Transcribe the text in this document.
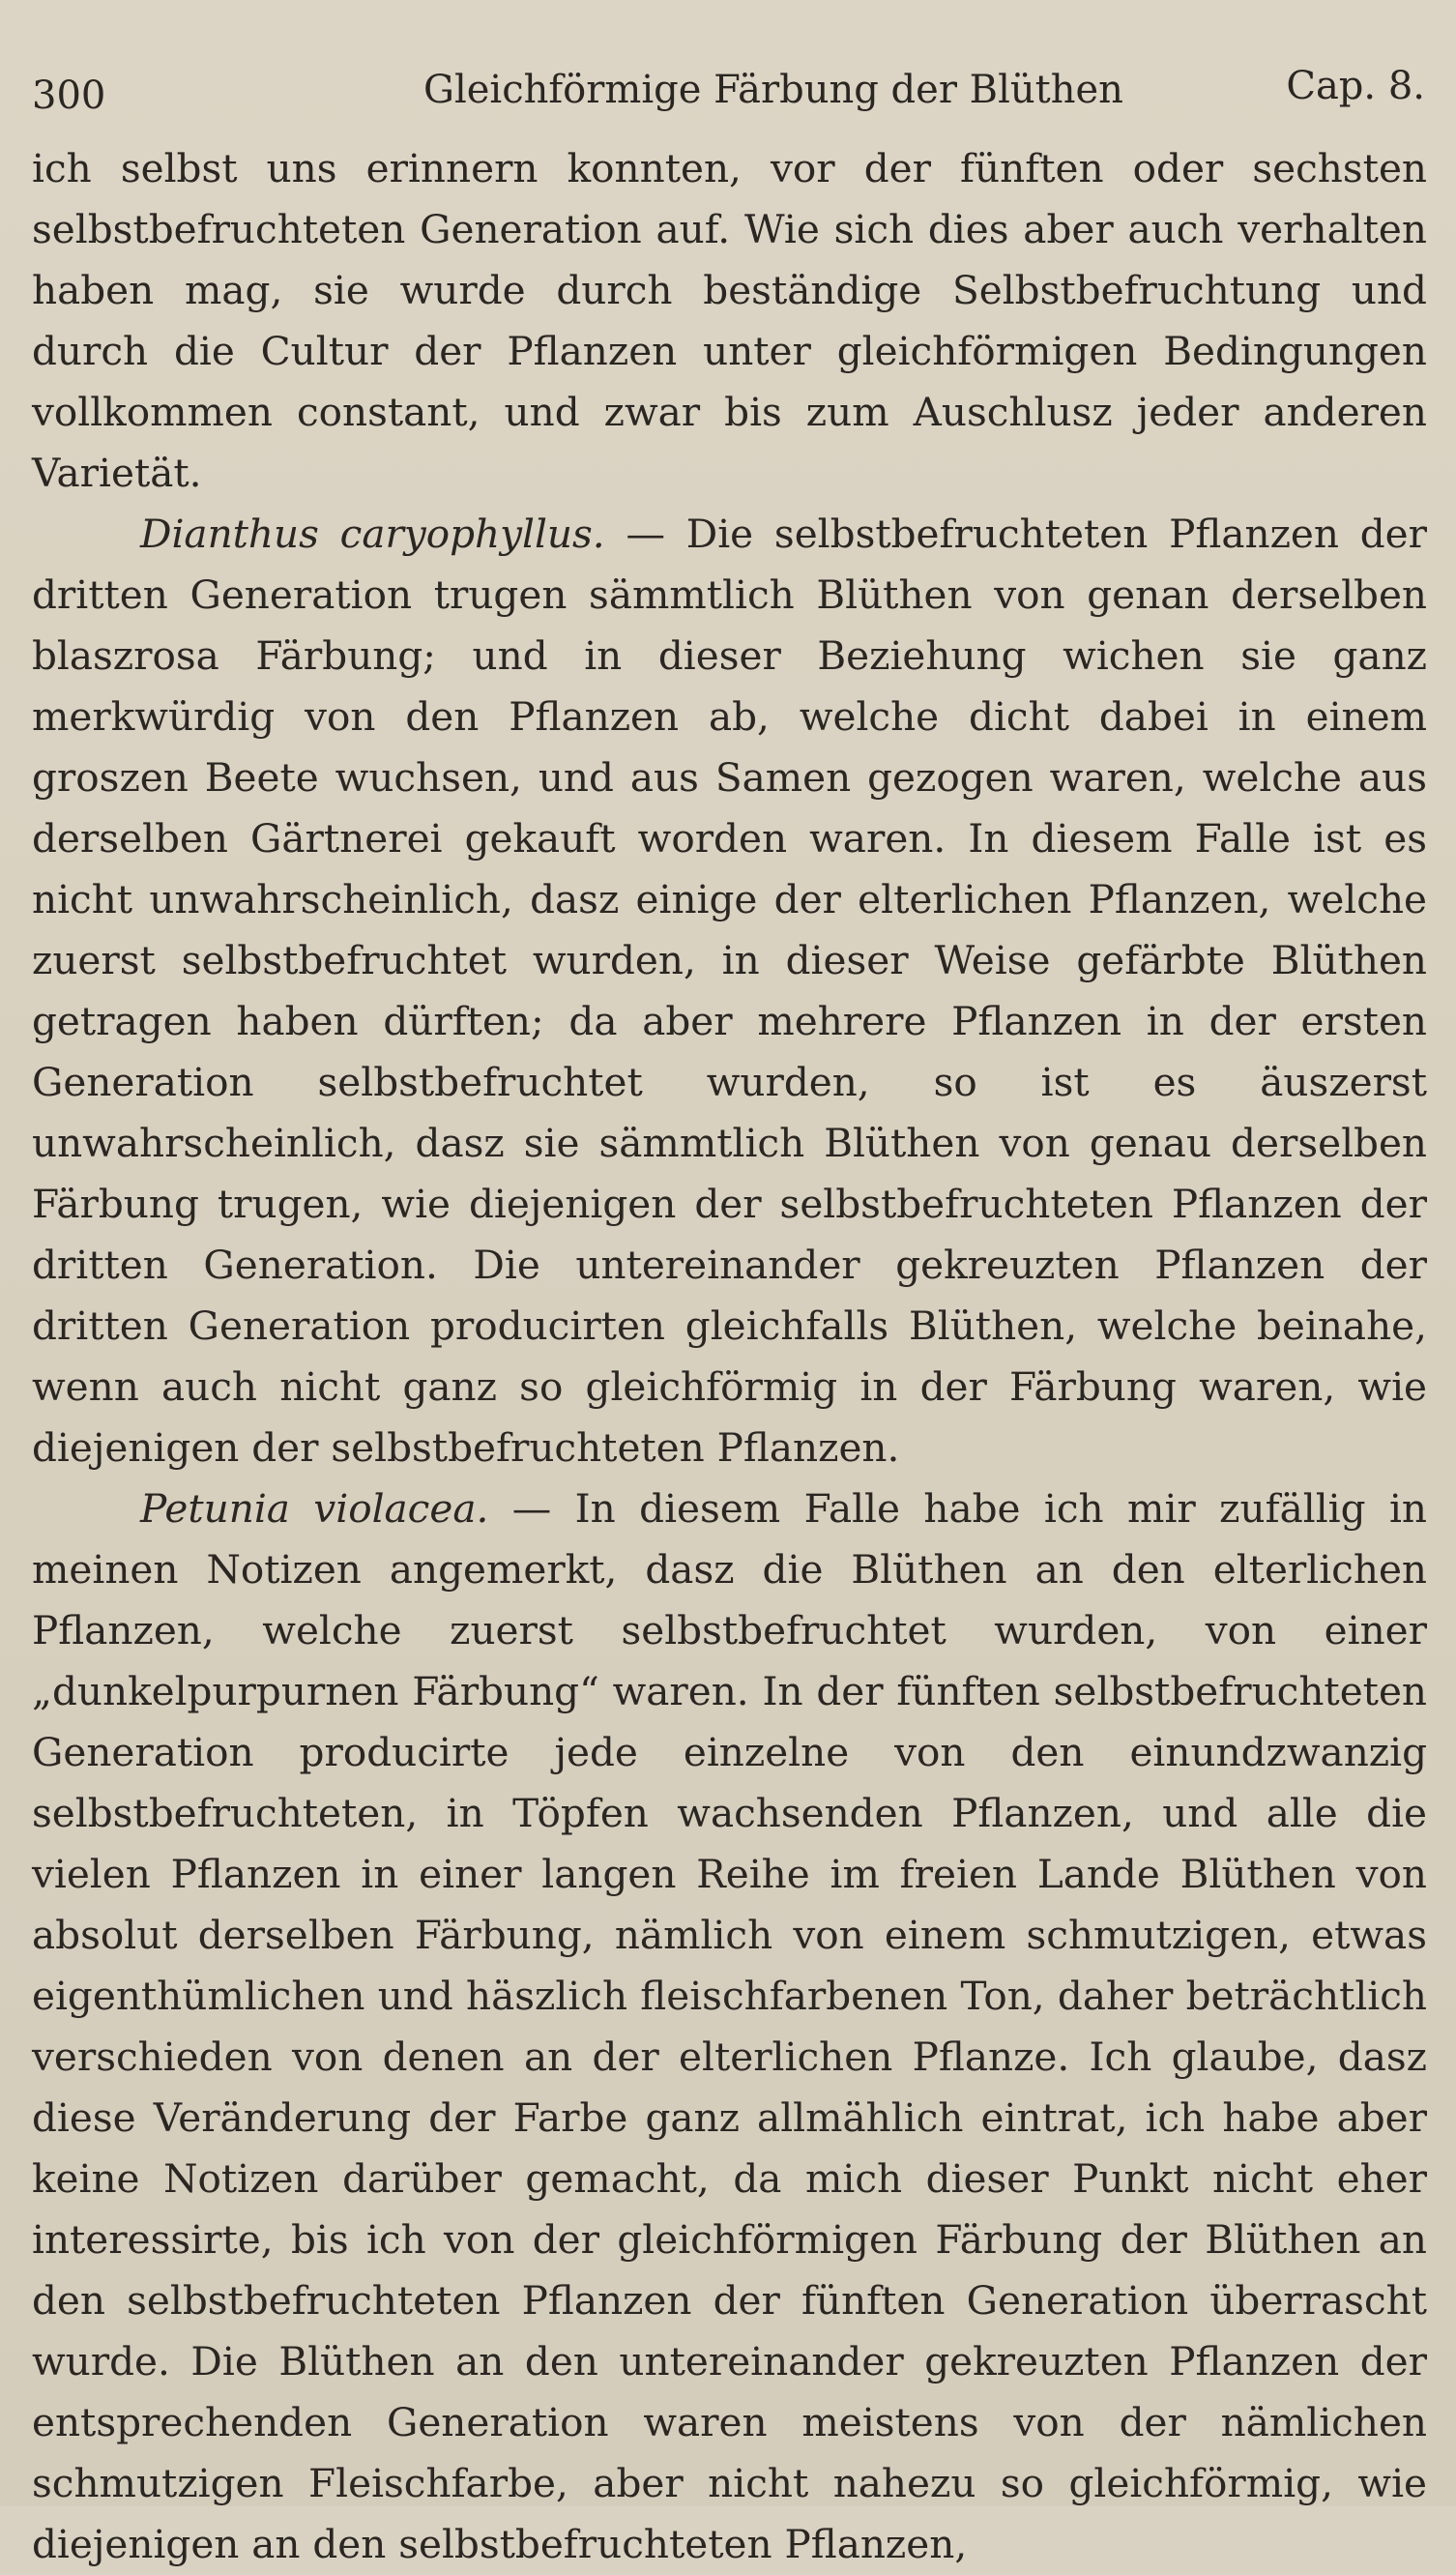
300	Gleichförmige Färbung der Blüthen	Cap. 8.

ich selbst uns erinnern konnten, vor der fünften oder sechsten selbstbefruchteten Generation auf. Wie sich dies aber auch verhalten haben mag, sie wurde durch beständige Selbstbefruchtung und durch die Cultur der Pflanzen unter gleichförmigen Bedingungen vollkommen constant, und zwar bis zum Auschlusz jeder anderen Varietät.

Dianthus caryophyllus. — Die selbstbefruchteten Pflanzen der dritten Generation trugen sämmtlich Blüthen von genan derselben blaszrosa Färbung; und in dieser Beziehung wichen sie ganz merkwürdig von den Pflanzen ab, welche dicht dabei in einem groszen Beete wuchsen, und aus Samen gezogen waren, welche aus derselben Gärtnerei gekauft worden waren. In diesem Falle ist es nicht unwahrscheinlich, dasz einige der elterlichen Pflanzen, welche zuerst selbstbefruchtet wurden, in dieser Weise gefärbte Blüthen getragen haben dürften; da aber mehrere Pflanzen in der ersten Generation selbstbefruchtet wurden, so ist es äuszerst unwahrscheinlich, dasz sie sämmtlich Blüthen von genau derselben Färbung trugen, wie diejenigen der selbstbefruchteten Pflanzen der dritten Generation. Die untereinander gekreuzten Pflanzen der dritten Generation producirten gleichfalls Blüthen, welche beinahe, wenn auch nicht ganz so gleichförmig in der Färbung waren, wie diejenigen der selbstbefruchteten Pflanzen.

Petunia violacea. — In diesem Falle habe ich mir zufällig in meinen Notizen angemerkt, dasz die Blüthen an den elterlichen Pflanzen, welche zuerst selbstbefruchtet wurden, von einer „dunkelpurpurnen Färbung“ waren. In der fünften selbstbefruchteten Generation producirte jede einzelne von den einundzwanzig selbstbefruchteten, in Töpfen wachsenden Pflanzen, und alle die vielen Pflanzen in einer langen Reihe im freien Lande Blüthen von absolut derselben Färbung, nämlich von einem schmutzigen, etwas eigenthümlichen und häszlich fleischfarbenen Ton, daher beträchtlich verschieden von denen an der elterlichen Pflanze. Ich glaube, dasz diese Veränderung der Farbe ganz allmählich eintrat, ich habe aber keine Notizen darüber gemacht, da mich dieser Punkt nicht eher interessirte, bis ich von der gleichförmigen Färbung der Blüthen an den selbstbefruchteten Pflanzen der fünften Generation überrascht wurde. Die Blüthen an den untereinander gekreuzten Pflanzen der entsprechenden Generation waren meistens von der nämlichen schmutzigen Fleischfarbe, aber nicht nahezu so gleichförmig, wie diejenigen an den selbstbefruchteten Pflanzen,
